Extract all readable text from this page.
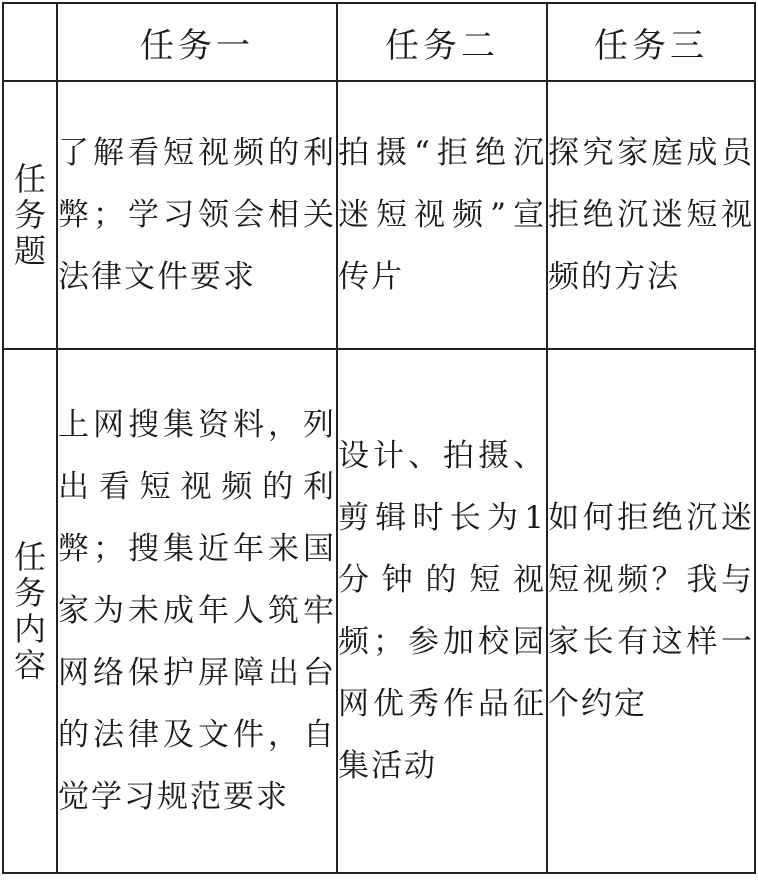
	任务一	任务二	任务三
任务题	了解看短视频的利弊；学习领会相关法律文件要求	拍摄“拒绝沉迷短视频”宣传片	探究家庭成员拒绝沉迷短视频的方法
任务内容	上网搜集资料，列出看短视频的利弊；搜集近年来国家为未成年人筑牢网络保护屏障出台的法律及文件，自觉学习规范要求	设计、拍摄、剪辑时长为1分钟的短视频；参加校园网优秀作品征集活动	如何拒绝沉迷短视频？我与家长有这样一个约定
